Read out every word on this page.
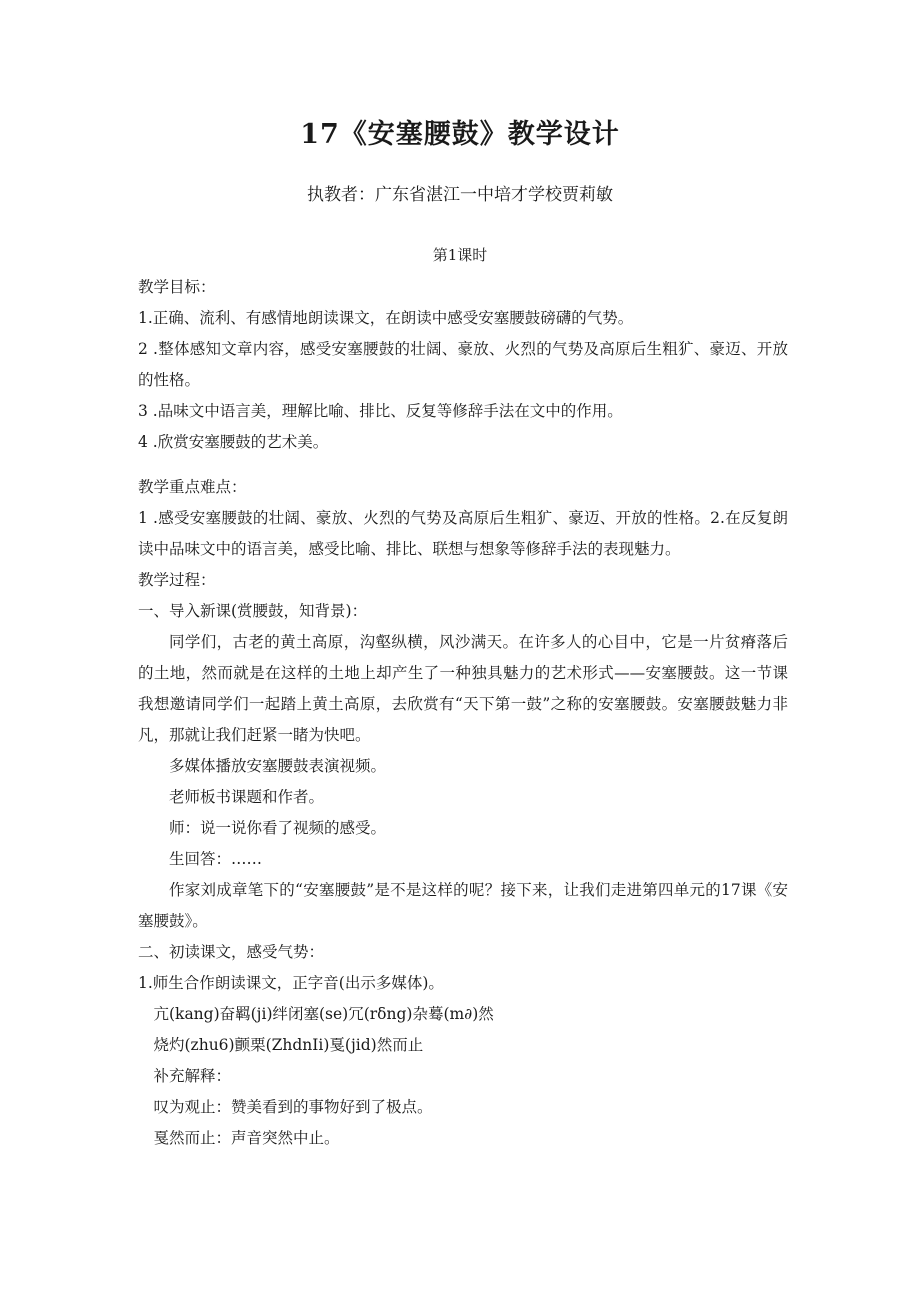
17《安塞腰鼓》教学设计

执教者：广东省湛江一中培才学校贾莉敏

第1课时

教学目标：

1.正确、流利、有感情地朗读课文，在朗读中感受安塞腰鼓磅礴的气势。

2 .整体感知文章内容，感受安塞腰鼓的壮阔、豪放、火烈的气势及高原后生粗犷、豪迈、开放的性格。

3 .品味文中语言美，理解比喻、排比、反复等修辞手法在文中的作用。

4 .欣赏安塞腰鼓的艺术美。

教学重点难点：

1 .感受安塞腰鼓的壮阔、豪放、火烈的气势及高原后生粗犷、豪迈、开放的性格。2.在反复朗读中品味文中的语言美，感受比喻、排比、联想与想象等修辞手法的表现魅力。

教学过程：

一、导入新课(赏腰鼓，知背景)：

同学们，古老的黄土高原，沟壑纵横，风沙满天。在许多人的心目中，它是一片贫瘠落后的土地，然而就是在这样的土地上却产生了一种独具魅力的艺术形式——安塞腰鼓。这一节课我想邀请同学们一起踏上黄土高原，去欣赏有“天下第一鼓”之称的安塞腰鼓。安塞腰鼓魅力非凡，那就让我们赶紧一睹为快吧。

多媒体播放安塞腰鼓表演视频。

老师板书课题和作者。

师：说一说你看了视频的感受。

生回答：……

作家刘成章笔下的“安塞腰鼓”是不是这样的呢？接下来，让我们走进第四单元的17课《安塞腰鼓》。

二、初读课文，感受气势：

1.师生合作朗读课文，正字音(出示多媒体)。

亢(kang)奋羁(ji)绊闭塞(se)冗(rδng)杂蓦(m∂)然

烧灼(zhu6)颤栗(ZhdnIi)戛(jid)然而止

补充解释：

叹为观止：赞美看到的事物好到了极点。

戛然而止：声音突然中止。
